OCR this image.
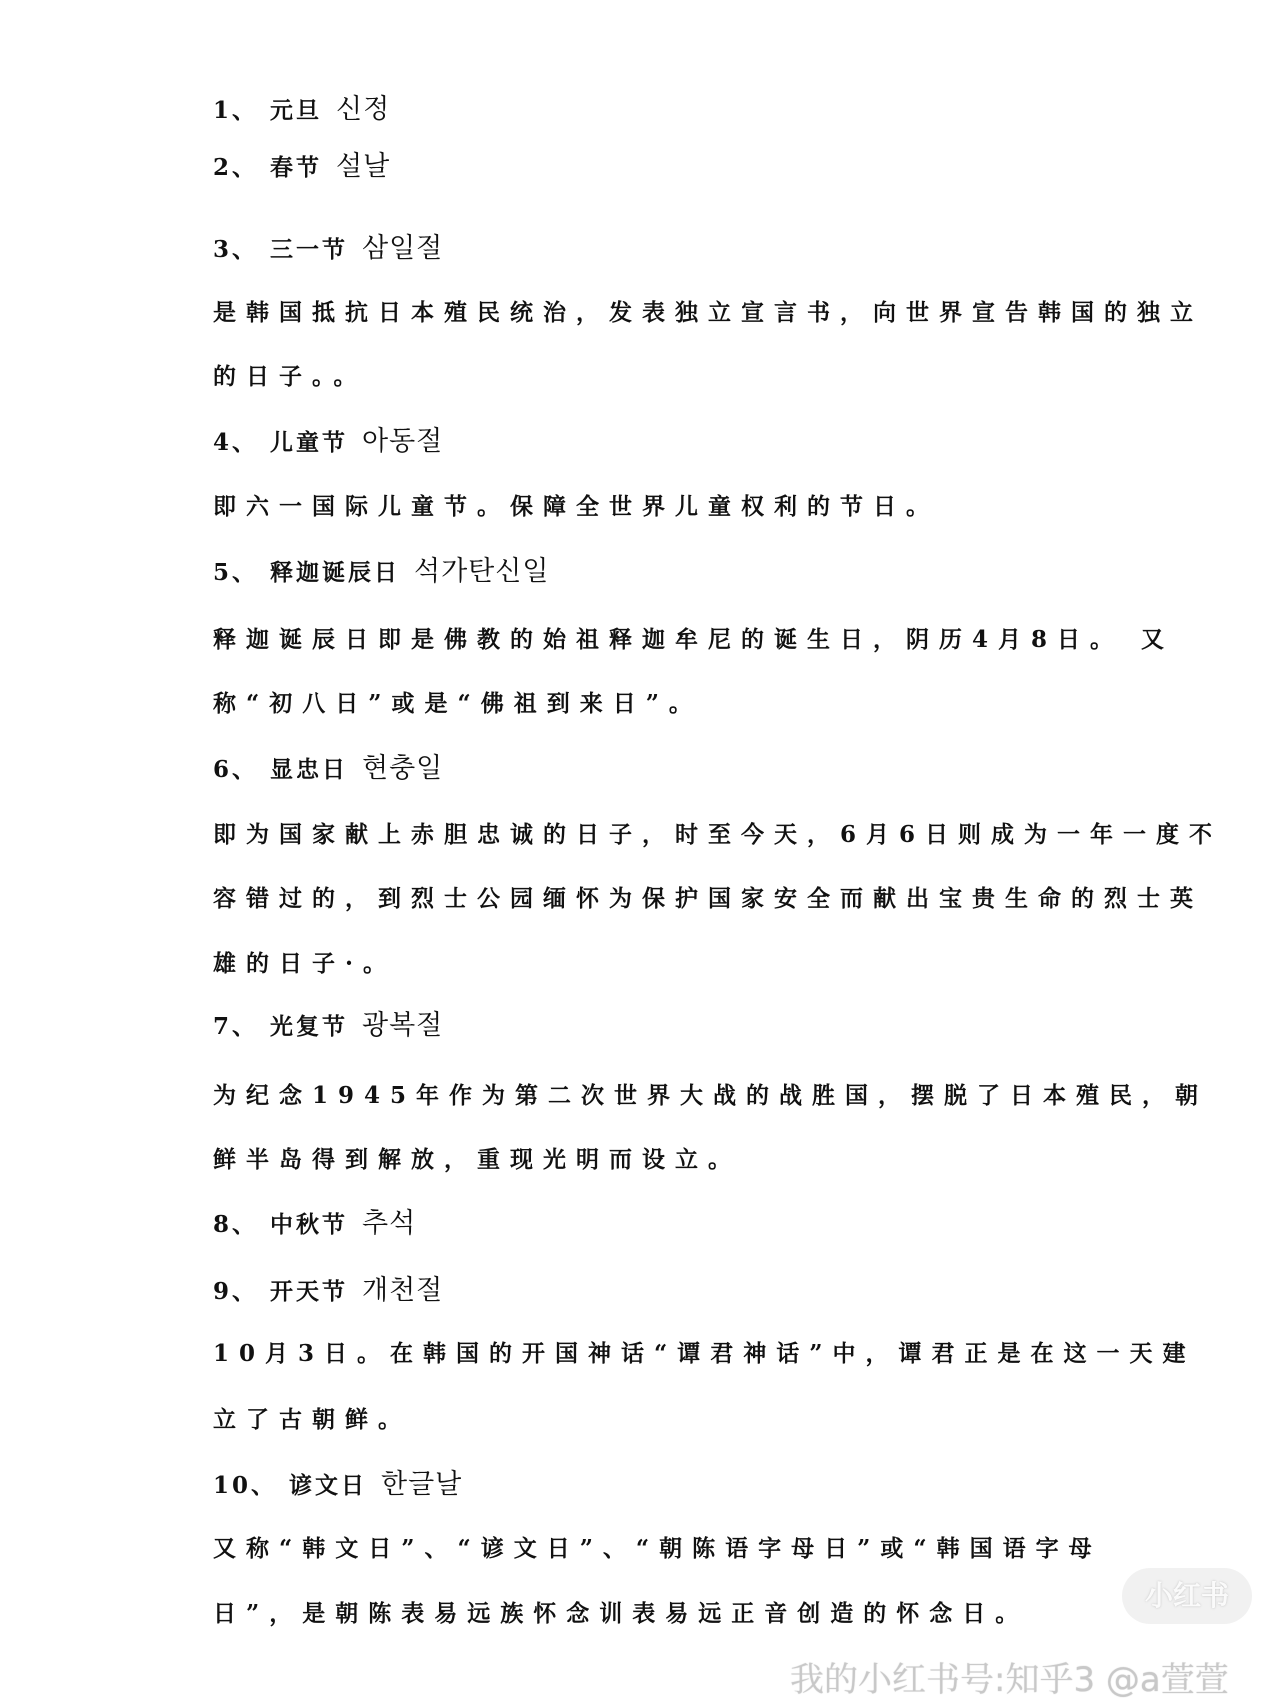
1、 元旦 신정
2、 春节 설날
3、 三一节 삼일절
是韩国抵抗日本殖民统治，发表独立宣言书，向世界宣告韩国的独立
的日子。。
4、 儿童节 아동절
即六一国际儿童节。保障全世界儿童权利的节日。
5、 释迦诞辰日 석가탄신일
释迦诞辰日即是佛教的始祖释迦牟尼的诞生日，阴历4月8日。 又
称“初八日”或是“佛祖到来日”。
6、 显忠日 현충일
即为国家献上赤胆忠诚的日子，时至今天，6月6日则成为一年一度不
容错过的，到烈士公园缅怀为保护国家安全而献出宝贵生命的烈士英
雄的日子·。
7、 光复节 광복절
为纪念1945年作为第二次世界大战的战胜国，摆脱了日本殖民，朝
鲜半岛得到解放，重现光明而设立。
8、 中秋节 추석
9、 开天节 개천절
10月3日。在韩国的开国神话“谭君神话”中，谭君正是在这一天建
立了古朝鲜。
10、 谚文日 한글날
又称“韩文日”、“谚文日”、“朝陈语字母日”或“韩国语字母
日”，是朝陈表易远族怀念训表易远正音创造的怀念日。
小红书
我的小红书号:知乎3 @a萱萱
